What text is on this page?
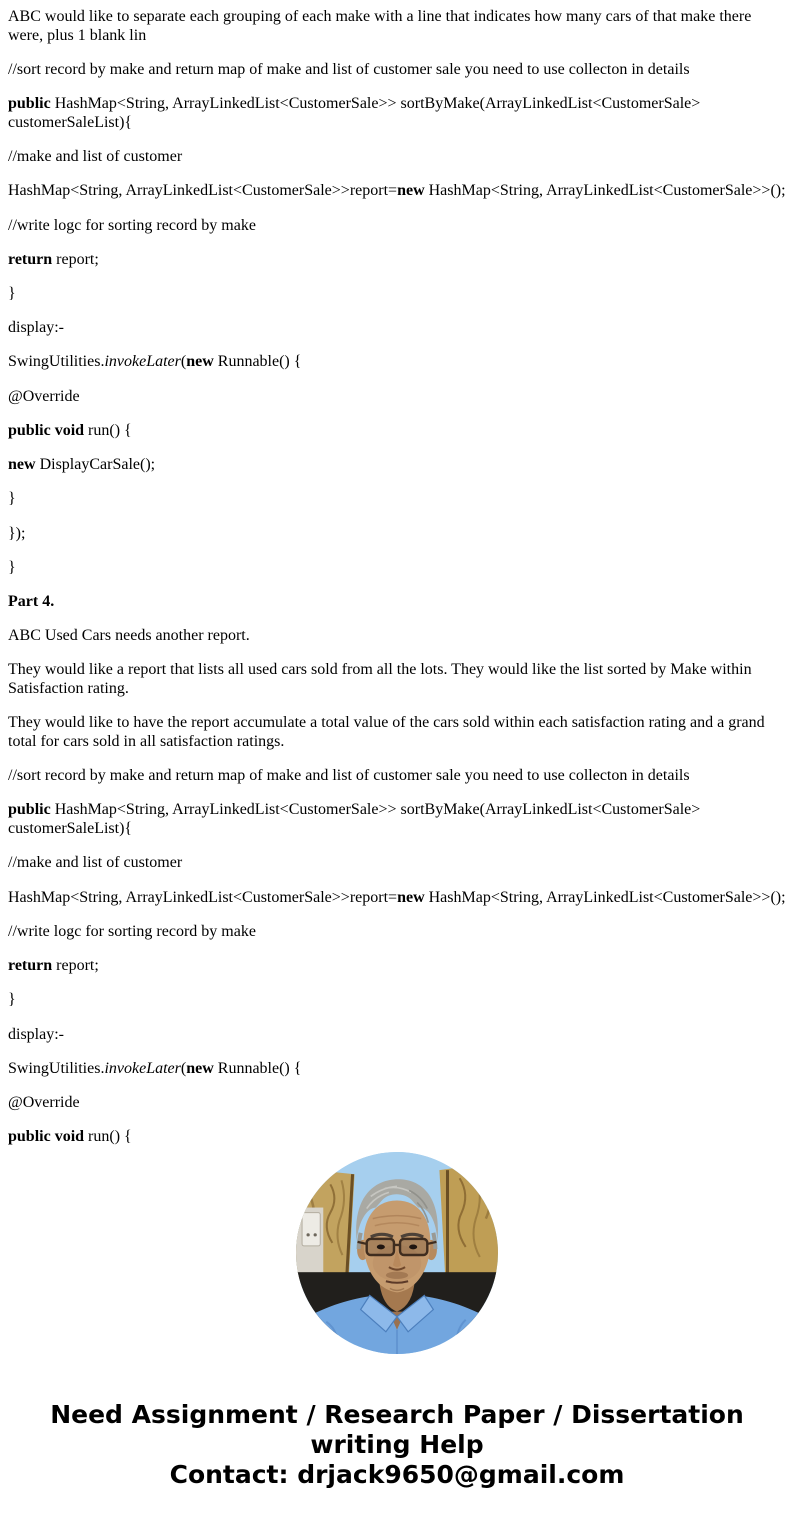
ABC would like to separate each grouping of each make with a line that indicates how many cars of that make there were, plus 1 blank lin

//sort record by make and return map of make and list of customer sale you need to use collecton in details

public HashMap<String, ArrayLinkedList<CustomerSale>> sortByMake(ArrayLinkedList<CustomerSale> customerSaleList){

//make and list of customer

HashMap<String, ArrayLinkedList<CustomerSale>>report=new HashMap<String, ArrayLinkedList<CustomerSale>>();

//write logc for sorting record by make

return report;

}

display:-

SwingUtilities.invokeLater(new Runnable() {

@Override

public void run() {

new DisplayCarSale();

}

});

}

Part 4.

ABC Used Cars needs another report.

They would like a report that lists all used cars sold from all the lots. They would like the list sorted by Make within Satisfaction rating.

They would like to have the report accumulate a total value of the cars sold within each satisfaction rating and a grand total for cars sold in all satisfaction ratings.

//sort record by make and return map of make and list of customer sale you need to use collecton in details

public HashMap<String, ArrayLinkedList<CustomerSale>> sortByMake(ArrayLinkedList<CustomerSale> customerSaleList){

//make and list of customer

HashMap<String, ArrayLinkedList<CustomerSale>>report=new HashMap<String, ArrayLinkedList<CustomerSale>>();

//write logc for sorting record by make

return report;

}

display:-

SwingUtilities.invokeLater(new Runnable() {

@Override

public void run() {

Need Assignment / Research Paper / Dissertation
writing Help
Contact: drjack9650@gmail.com
